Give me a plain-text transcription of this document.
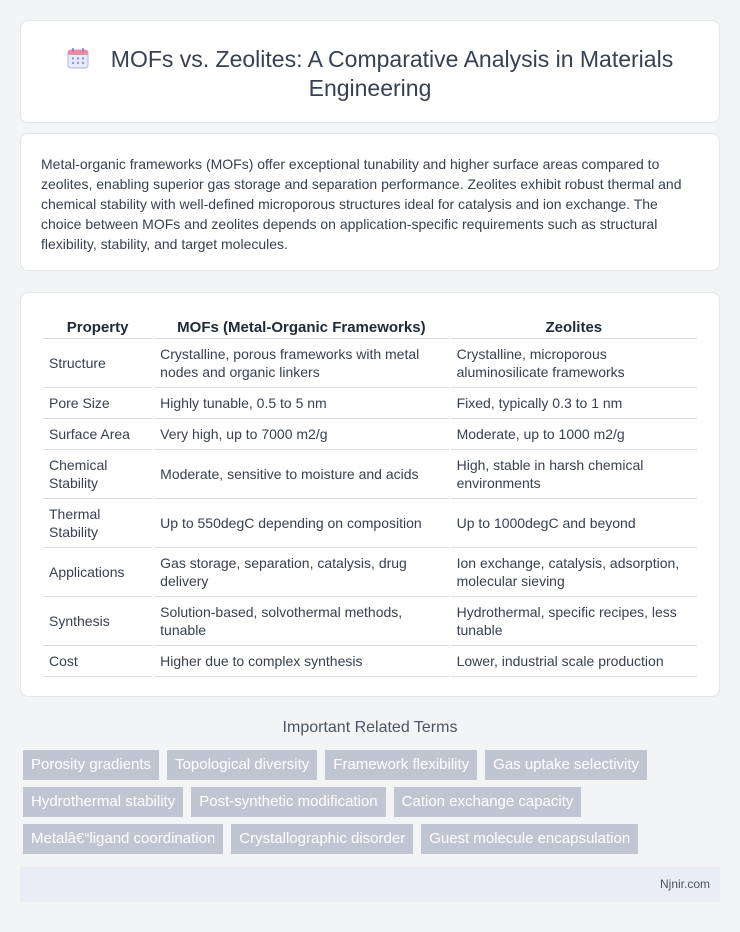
MOFs vs. Zeolites: A Comparative Analysis in Materials Engineering

Metal-organic frameworks (MOFs) offer exceptional tunability and higher surface areas compared to zeolites, enabling superior gas storage and separation performance. Zeolites exhibit robust thermal and chemical stability with well-defined microporous structures ideal for catalysis and ion exchange. The choice between MOFs and zeolites depends on application-specific requirements such as structural flexibility, stability, and target molecules.

Property	MOFs (Metal-Organic Frameworks)	Zeolites
Structure	Crystalline, porous frameworks with metal nodes and organic linkers	Crystalline, microporous aluminosilicate frameworks
Pore Size	Highly tunable, 0.5 to 5 nm	Fixed, typically 0.3 to 1 nm
Surface Area	Very high, up to 7000 m2/g	Moderate, up to 1000 m2/g
Chemical Stability	Moderate, sensitive to moisture and acids	High, stable in harsh chemical environments
Thermal Stability	Up to 550degC depending on composition	Up to 1000degC and beyond
Applications	Gas storage, separation, catalysis, drug delivery	Ion exchange, catalysis, adsorption, molecular sieving
Synthesis	Solution-based, solvothermal methods, tunable	Hydrothermal, specific recipes, less tunable
Cost	Higher due to complex synthesis	Lower, industrial scale production
Important Related Terms
Porosity gradients	Topological diversity	Framework flexibility	Gas uptake selectivity
Hydrothermal stability	Post-synthetic modification	Cation exchange capacity
Metalâ€“ligand coordination	Crystallographic disorder	Guest molecule encapsulation
Njnir.com
